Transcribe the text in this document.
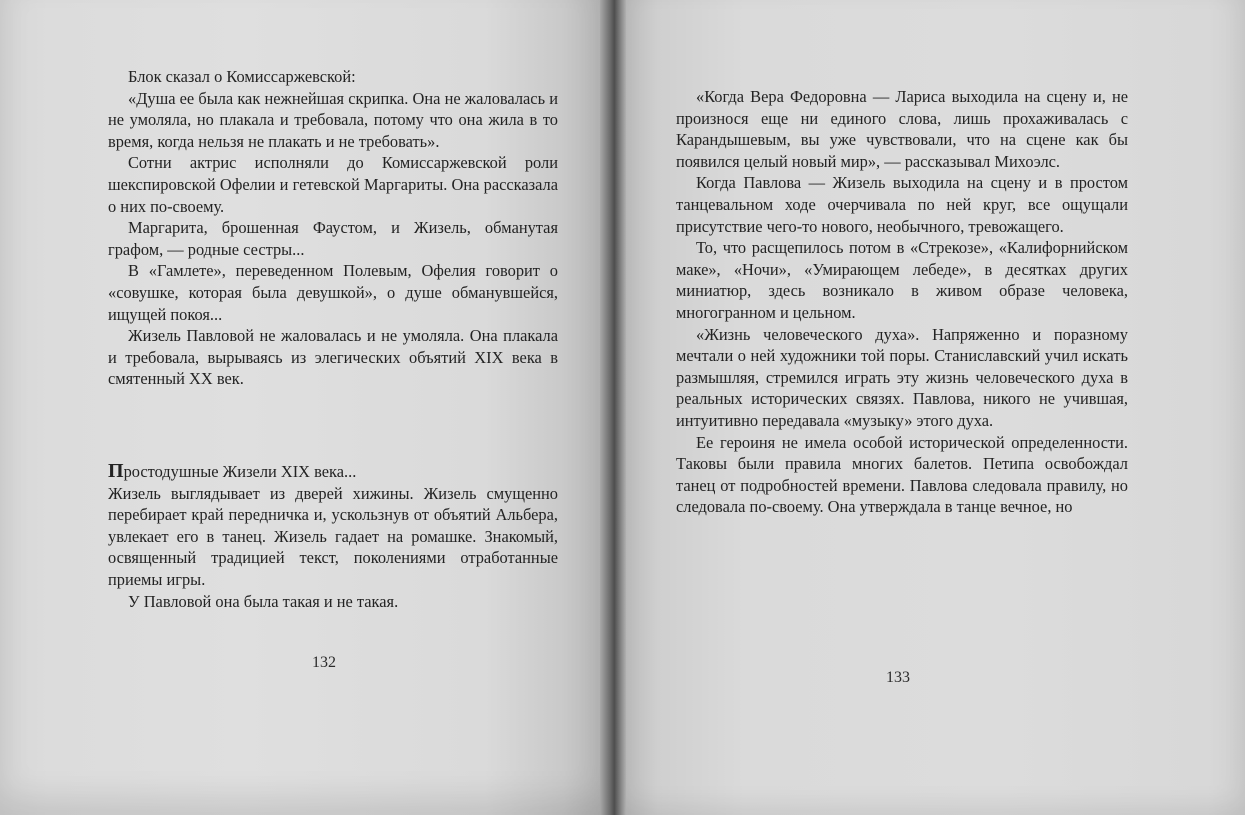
Блок сказал о Комиссаржевской:

«Душа ее была как нежнейшая скрипка. Она не жаловалась и не умоляла, но плакала и требовала, потому что она жила в то время, когда нельзя не плакать и не требовать».

Сотни актрис исполняли до Комиссаржевской роли шекспировской Офелии и гетевской Маргариты. Она рассказала о них по-своему.

Маргарита, брошенная Фаустом, и Жизель, обманутая графом, — родные сестры...

В «Гамлете», переведенном Полевым, Офелия говорит о «совушке, которая была девушкой», о душе обманувшейся, ищущей покоя...

Жизель Павловой не жаловалась и не умоляла. Она плакала и требовала, вырываясь из элегических объятий XIX века в смятенный XX век.

Простодушные Жизели XIX века...

Жизель выглядывает из дверей хижины. Жизель смущенно перебирает край передничка и, ускользнув от объятий Альбера, увлекает его в танец. Жизель гадает на ромашке. Знакомый, освященный традицией текст, поколениями отработанные приемы игры.

У Павловой она была такая и не такая.

132

«Когда Вера Федоровна — Лариса выходила на сцену и, не произнося еще ни единого слова, лишь прохаживалась с Карандышевым, вы уже чувствовали, что на сцене как бы появился целый новый мир», — рассказывал Михоэлс.

Когда Павлова — Жизель выходила на сцену и в простом танцевальном ходе очерчивала по ней круг, все ощущали присутствие чего-то нового, необычного, тревожащего.

То, что расщепилось потом в «Стрекозе», «Калифорнийском маке», «Ночи», «Умирающем лебеде», в десятках других миниатюр, здесь возникало в живом образе человека, многогранном и цельном.

«Жизнь человеческого духа». Напряженно и поразному мечтали о ней художники той поры. Станиславский учил искать размышляя, стремился играть эту жизнь человеческого духа в реальных исторических связях. Павлова, никого не учившая, интуитивно передавала «музыку» этого духа.

Ее героиня не имела особой исторической определенности. Таковы были правила многих балетов. Петипа освобождал танец от подробностей времени. Павлова следовала правилу, но следовала по-своему. Она утверждала в танце вечное, но

133
